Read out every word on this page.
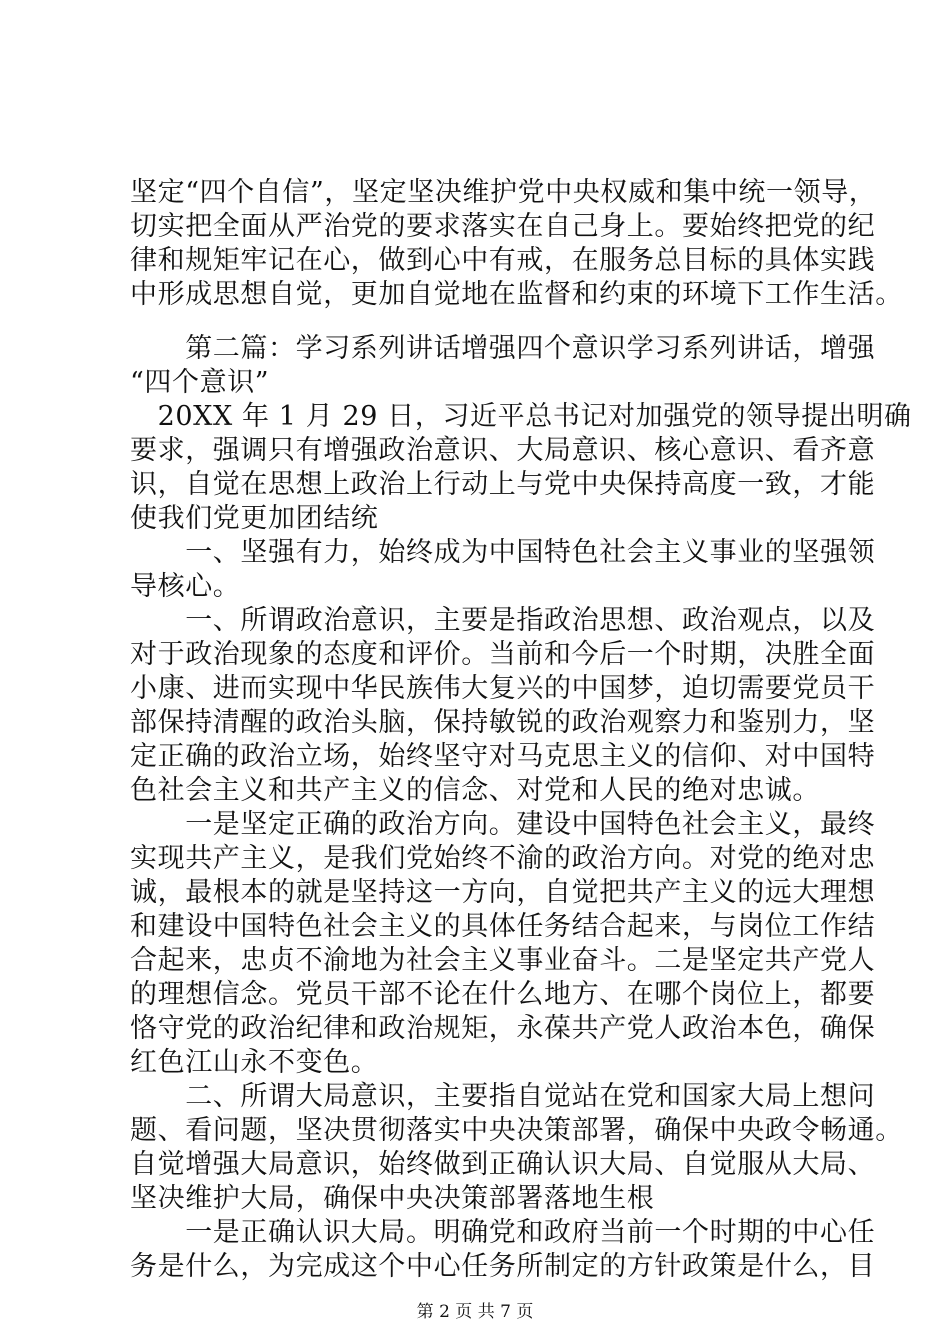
坚定“四个自信”，坚定坚决维护党中央权威和集中统一领导，
切实把全面从严治党的要求落实在自己身上。要始终把党的纪
律和规矩牢记在心，做到心中有戒，在服务总目标的具体实践
中形成思想自觉，更加自觉地在监督和约束的环境下工作生活。
　　第二篇：学习系列讲话增强四个意识学习系列讲话，增强
“四个意识”
　20XX 年 1 月 29 日，习近平总书记对加强党的领导提出明确
要求，强调只有增强政治意识、大局意识、核心意识、看齐意
识，自觉在思想上政治上行动上与党中央保持高度一致，才能
使我们党更加团结统
　　一、坚强有力，始终成为中国特色社会主义事业的坚强领
导核心。
　　一、所谓政治意识，主要是指政治思想、政治观点，以及
对于政治现象的态度和评价。当前和今后一个时期，决胜全面
小康、进而实现中华民族伟大复兴的中国梦，迫切需要党员干
部保持清醒的政治头脑，保持敏锐的政治观察力和鉴别力，坚
定正确的政治立场，始终坚守对马克思主义的信仰、对中国特
色社会主义和共产主义的信念、对党和人民的绝对忠诚。
　　一是坚定正确的政治方向。建设中国特色社会主义，最终
实现共产主义，是我们党始终不渝的政治方向。对党的绝对忠
诚，最根本的就是坚持这一方向，自觉把共产主义的远大理想
和建设中国特色社会主义的具体任务结合起来，与岗位工作结
合起来，忠贞不渝地为社会主义事业奋斗。二是坚定共产党人
的理想信念。党员干部不论在什么地方、在哪个岗位上，都要
恪守党的政治纪律和政治规矩，永葆共产党人政治本色，确保
红色江山永不变色。
　　二、所谓大局意识，主要指自觉站在党和国家大局上想问
题、看问题，坚决贯彻落实中央决策部署，确保中央政令畅通。
自觉增强大局意识，始终做到正确认识大局、自觉服从大局、
坚决维护大局，确保中央决策部署落地生根
　　一是正确认识大局。明确党和政府当前一个时期的中心任
务是什么，为完成这个中心任务所制定的方针政策是什么，目
第 2 页 共 7 页
